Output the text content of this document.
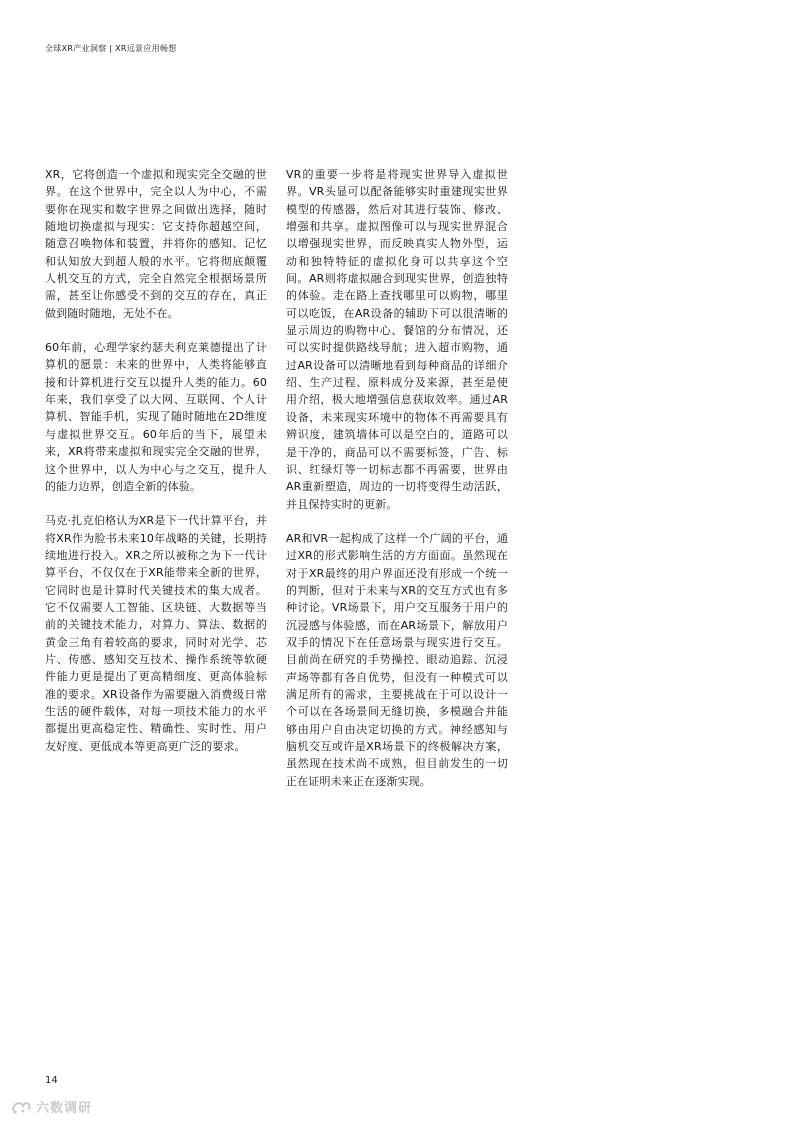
全球XR产业洞察 | XR远景应用畅想

XR，它将创造一个虚拟和现实完全交融的世界。在这个世界中，完全以人为中心，不需要你在现实和数字世界之间做出选择，随时随地切换虚拟与现实：它支持你超越空间，随意召唤物体和装置，并将你的感知、记忆和认知放大到超人般的水平。它将彻底颠覆人机交互的方式，完全自然完全根据场景所需，甚至让你感受不到的交互的存在，真正做到随时随地，无处不在。

60年前，心理学家约瑟夫利克莱德提出了计算机的愿景：未来的世界中，人类将能够直接和计算机进行交互以提升人类的能力。60年来，我们享受了以大网、互联网、个人计算机、智能手机，实现了随时随地在2D维度与虚拟世界交互。60年后的当下，展望未来，XR将带来虚拟和现实完全交融的世界，这个世界中，以人为中心与之交互，提升人的能力边界，创造全新的体验。

马克·扎克伯格认为XR是下一代计算平台，并将XR作为脸书未来10年战略的关键，长期持续地进行投入。XR之所以被称之为下一代计算平台，不仅仅在于XR能带来全新的世界，它同时也是计算时代关键技术的集大成者。它不仅需要人工智能、区块链、大数据等当前的关键技术能力，对算力、算法、数据的黄金三角有着较高的要求，同时对光学、芯片、传感、感知交互技术、操作系统等软硬件能力更是提出了更高精细度、更高体验标准的要求。XR设备作为需要融入消费级日常生活的硬件载体，对每一项技术能力的水平都提出更高稳定性、精确性、实时性、用户友好度、更低成本等更高更广泛的要求。

VR的重要一步将是将现实世界导入虚拟世界。VR头显可以配备能够实时重建现实世界模型的传感器，然后对其进行装饰、修改、增强和共享。虚拟图像可以与现实世界混合以增强现实世界，而反映真实人物外型，运动和独特特征的虚拟化身可以共享这个空间。AR则将虚拟融合到现实世界，创造独特的体验。走在路上查找哪里可以购物，哪里可以吃饭，在AR设备的辅助下可以很清晰的显示周边的购物中心、餐馆的分布情况，还可以实时提供路线导航；进入超市购物，通过AR设备可以清晰地看到每种商品的详细介绍、生产过程、原料成分及来源，甚至是使用介绍，极大地增强信息获取效率。通过AR设备，未来现实环境中的物体不再需要具有辨识度，建筑墙体可以是空白的，道路可以是干净的，商品可以不需要标签，广告、标识、红绿灯等一切标志都不再需要，世界由AR重新塑造，周边的一切将变得生动活跃，并且保持实时的更新。

AR和VR一起构成了这样一个广阔的平台，通过XR的形式影响生活的方方面面。虽然现在对于XR最终的用户界面还没有形成一个统一的判断，但对于未来与XR的交互方式也有多种讨论。VR场景下，用户交互服务于用户的沉浸感与体验感，而在AR场景下，解放用户双手的情况下在任意场景与现实进行交互。目前尚在研究的手势操控、眼动追踪、沉浸声场等都有各自优势，但没有一种模式可以满足所有的需求，主要挑战在于可以设计一个可以在各场景间无缝切换，多模融合并能够由用户自由决定切换的方式。神经感知与脑机交互或许是XR场景下的终极解决方案，虽然现在技术尚不成熟，但目前发生的一切正在证明未来正在逐渐实现。

14
六数调研
